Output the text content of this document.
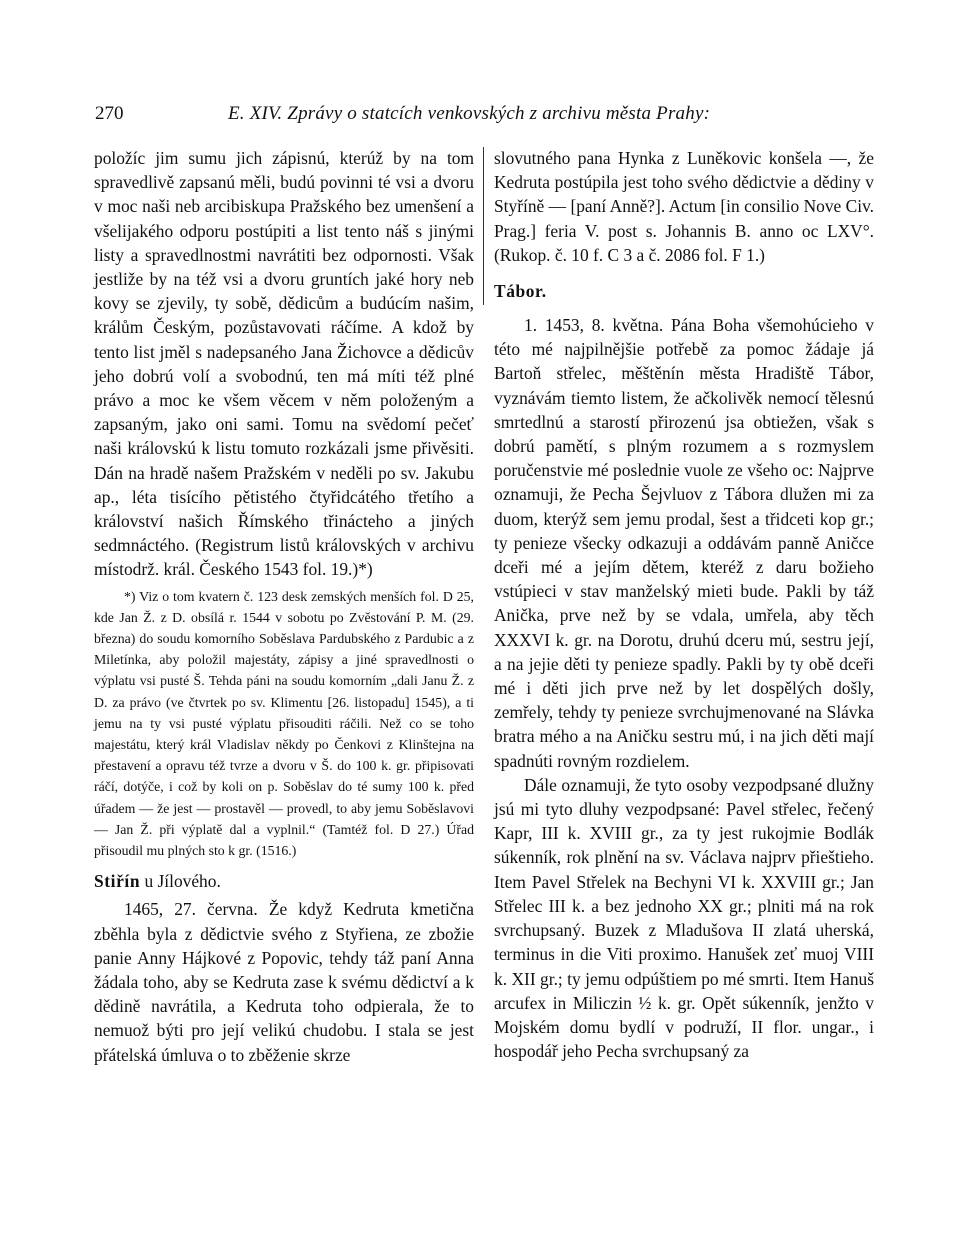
270	E. XIV. Zprávy o statcích venkovských z archivu města Prahy:

položíc jim sumu jich zápisnú, kterúž by na tom spravedlivě zapsanú měli, budú povinni té vsi a dvoru v moc naši neb arcibiskupa Pražského bez umenšení a všelijakého odporu postúpiti a list tento náš s jinými listy a spravedlnostmi navrátiti bez odpornosti. Však jestliže by na též vsi a dvoru gruntích jaké hory neb kovy se zjevily, ty sobě, dědicům a budúcím našim, králům Českým, pozůstavovati ráčíme. A kdož by tento list jměl s nadepsaného Jana Žichovce a dědicův jeho dobrú volí a svobodnú, ten má míti též plné právo a moc ke všem věcem v něm položeným a zapsaným, jako oni sami. Tomu na svědomí pečeť naši královskú k listu tomuto rozkázali jsme přivěsiti. Dán na hradě našem Pražském v neděli po sv. Jakubu ap., léta tisícího pětistého čtyřidcátého třetího a království našich Římského třinácteho a jiných sedmnáctého. (Registrum listů královských v archivu místodrž. král. Českého 1543 fol. 19.)*)

*) Viz o tom kvatern č. 123 desk zemských menších fol. D 25, kde Jan Ž. z D. obsílá r. 1544 v sobotu po Zvěstování P. M. (29. března) do soudu komorního Soběslava Pardubského z Pardubic a z Miletínka, aby položil majestáty, zápisy a jiné spravedlnosti o výplatu vsi pusté Š. Tehda páni na soudu komorním „dali Janu Ž. z D. za právo (ve čtvrtek po sv. Klimentu [26. listopadu] 1545), a ti jemu na ty vsi pusté výplatu přisouditi ráčili. Než co se toho majestátu, který král Vladislav někdy po Čenkovi z Klinštejna na přestavení a opravu též tvrze a dvoru v Š. do 100 k. gr. připisovati ráčí, dotýče, i což by koli on p. Soběslav do té sumy 100 k. před úřadem — že jest — prostavěl — provedl, to aby jemu Soběslavovi — Jan Ž. při výplatě dal a vyplnil.“ (Tamtéž fol. D 27.) Úřad přisoudil mu plných sto k gr. (1516.)

Stiřín u Jílového.

1465, 27. června. Že když Kedruta kmetična zběhla byla z dědictvie svého z Styřiena, ze zbožie panie Anny Hájkové z Popovic, tehdy táž paní Anna žádala toho, aby se Kedruta zase k svému dědictví a k dědině navrátila, a Kedruta toho odpierala, že to nemuož býti pro její velikú chudobu. I stala se jest přátelská úmluva o to zběženie skrze

slovutného pana Hynka z Luněkovic konšela —, že Kedruta postúpila jest toho svého dědictvie a dědiny v Styříně — [paní Anně?]. Actum [in consilio Nove Civ. Prag.] feria V. post s. Johannis B. anno oc LXV°. (Rukop. č. 10 f. C 3 a č. 2086 fol. F 1.)

Tábor.

1. 1453, 8. května. Pána Boha všemohúcieho v této mé najpilnějšie potřebě za pomoc žádaje já Bartoň střelec, měštěnín města Hradiště Tábor, vyznávám tiemto listem, že ačkolivěk nemocí tělesnú smrtedlnú a starostí přirozenú jsa obtiežen, však s dobrú pamětí, s plným rozumem a s rozmyslem poručenstvie mé poslednie vuole ze všeho oc: Najprve oznamuji, že Pecha Šejvluov z Tábora dlužen mi za duom, kterýž sem jemu prodal, šest a třidceti kop gr.; ty penieze všecky odkazuji a oddávám panně Aničce dceři mé a jejím dětem, kteréž z daru božieho vstúpieci v stav manželský mieti bude. Pakli by táž Anička, prve než by se vdala, umřela, aby těch XXXVI k. gr. na Dorotu, druhú dceru mú, sestru její, a na jejie děti ty penieze spadly. Pakli by ty obě dceři mé i děti jich prve než by let dospělých došly, zemřely, tehdy ty penieze svrchujmenované na Slávka bratra mého a na Aničku sestru mú, i na jich děti mají spadnúti rovným rozdielem.

Dále oznamuji, že tyto osoby vezpodpsané dlužny jsú mi tyto dluhy vezpodpsané: Pavel střelec, řečený Kapr, III k. XVIII gr., za ty jest rukojmie Bodlák súkenník, rok plnění na sv. Václava najprv přieštieho. Item Pavel Střelek na Bechyni VI k. XXVIII gr.; Jan Střelec III k. a bez jednoho XX gr.; plniti má na rok svrchupsaný. Buzek z Mladušova II zlatá uherská, terminus in die Viti proximo. Hanušek zeť muoj VIII k. XII gr.; ty jemu odpúštiem po mé smrti. Item Hanuš arcufex in Miliczin ½ k. gr. Opět súkenník, jenžto v Mojském domu bydlí v podruží, II flor. ungar., i hospodář jeho Pecha svrchupsaný za
